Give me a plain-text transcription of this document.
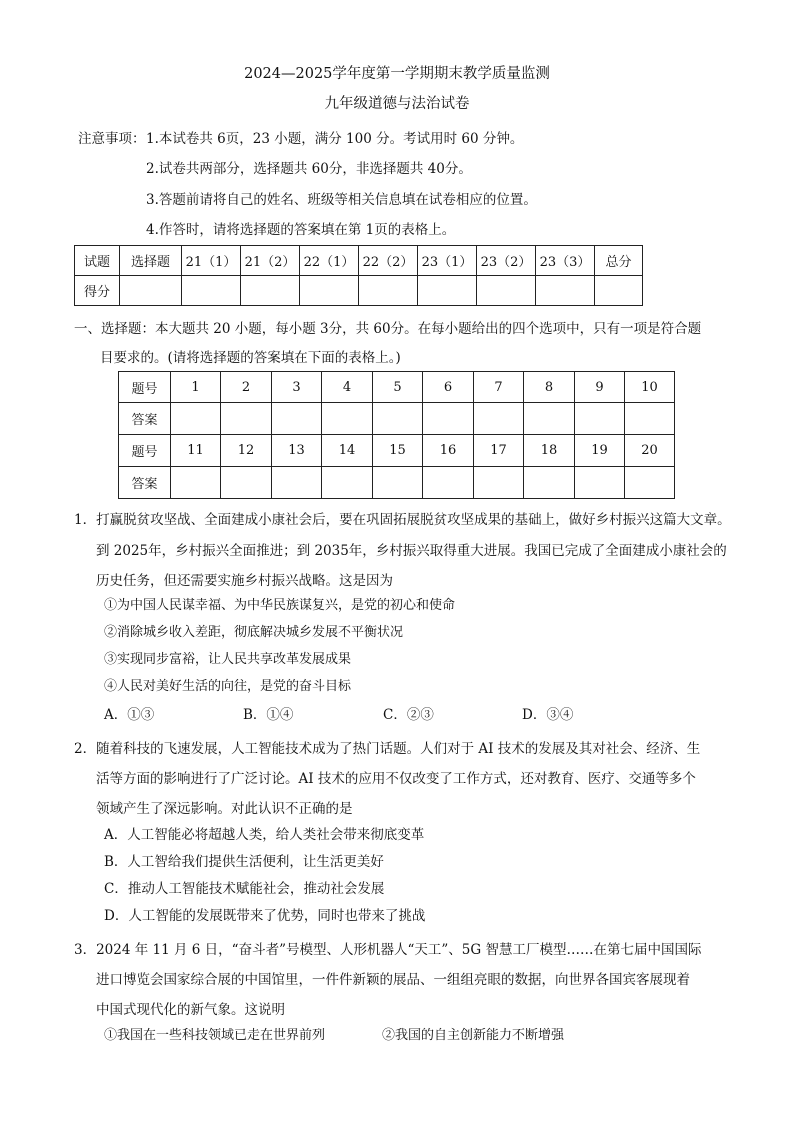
2024—2025学年度第一学期期末教学质量监测
九年级道德与法治试卷
注意事项： 1.本试卷共 6页，23 小题，满分 100 分。考试用时 60 分钟。
2.试卷共两部分，选择题共 60分，非选择题共 40分。
3.答题前请将自己的姓名、班级等相关信息填在试卷相应的位置。
4.作答时，请将选择题的答案填在第 1页的表格上。
试题	选择题	21（1）	21（2）	22（1）	22（2）	23（1）	23（2）	23（3）	总分
得分									
一、选择题：本大题共 20 小题，每小题 3分，共 60分。在每小题给出的四个选项中，只有一项是符合题
目要求的。(请将选择题的答案填在下面的表格上。)
题号	1	2	3	4	5	6	7	8	9	10
答案										
题号	11	12	13	14	15	16	17	18	19	20
答案										
1．打赢脱贫攻坚战、全面建成小康社会后，要在巩固拓展脱贫攻坚成果的基础上，做好乡村振兴这篇大文章。
到 2025年，乡村振兴全面推进；到 2035年，乡村振兴取得重大进展。我国已完成了全面建成小康社会的
历史任务，但还需要实施乡村振兴战略。这是因为
①为中国人民谋幸福、为中华民族谋复兴，是党的初心和使命
②消除城乡收入差距，彻底解决城乡发展不平衡状况
③实现同步富裕，让人民共享改革发展成果
④人民对美好生活的向往，是党的奋斗目标
A．①③	B．①④	C．②③	D．③④
2．随着科技的飞速发展，人工智能技术成为了热门话题。人们对于 AI 技术的发展及其对社会、经济、生
活等方面的影响进行了广泛讨论。AI 技术的应用不仅改变了工作方式，还对教育、医疗、交通等多个
领域产生了深远影响。对此认识不正确的是
A．人工智能必将超越人类，给人类社会带来彻底变革
B．人工智给我们提供生活便利，让生活更美好
C．推动人工智能技术赋能社会，推动社会发展
D．人工智能的发展既带来了优势，同时也带来了挑战
3．2024 年 11 月 6 日，“奋斗者”号模型、人形机器人“天工”、5G 智慧工厂模型……在第七届中国国际
进口博览会国家综合展的中国馆里，一件件新颖的展品、一组组亮眼的数据，向世界各国宾客展现着
中国式现代化的新气象。这说明
①我国在一些科技领域已走在世界前列	②我国的自主创新能力不断增强
